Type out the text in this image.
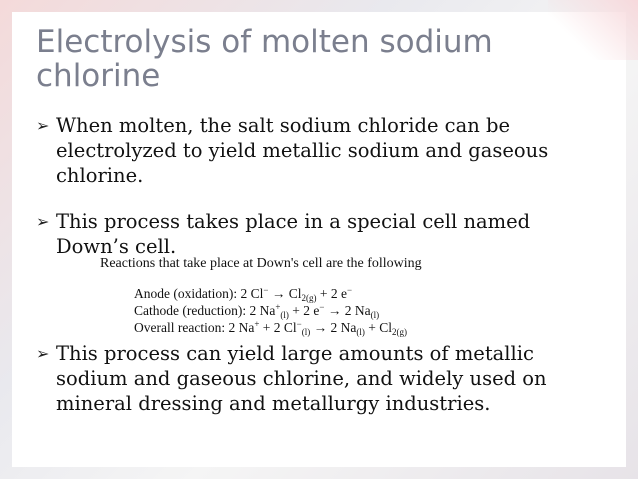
Electrolysis of molten sodium chlorine
➢ When molten, the salt sodium chloride can be electrolyzed to yield metallic sodium and gaseous chlorine.
➢ This process takes place in a special cell named Down’s cell.
➢ This process can yield large amounts of metallic sodium and gaseous chlorine, and widely used on mineral dressing and metallurgy industries.

Reactions that take place at Down's cell are the following

Anode (oxidation): 2 $Cl^- \to Cl_{2(g)} + 2$ e−
Cathode (reduction): 2 $Na^+_{(l)} + 2$ e− → 2 $Na_{(l)}$
Overall reaction: 2 Na+ + 2 $Cl^-_{(l)} \to 2$ $Na_{(l)} + Cl_{2(g)}$
